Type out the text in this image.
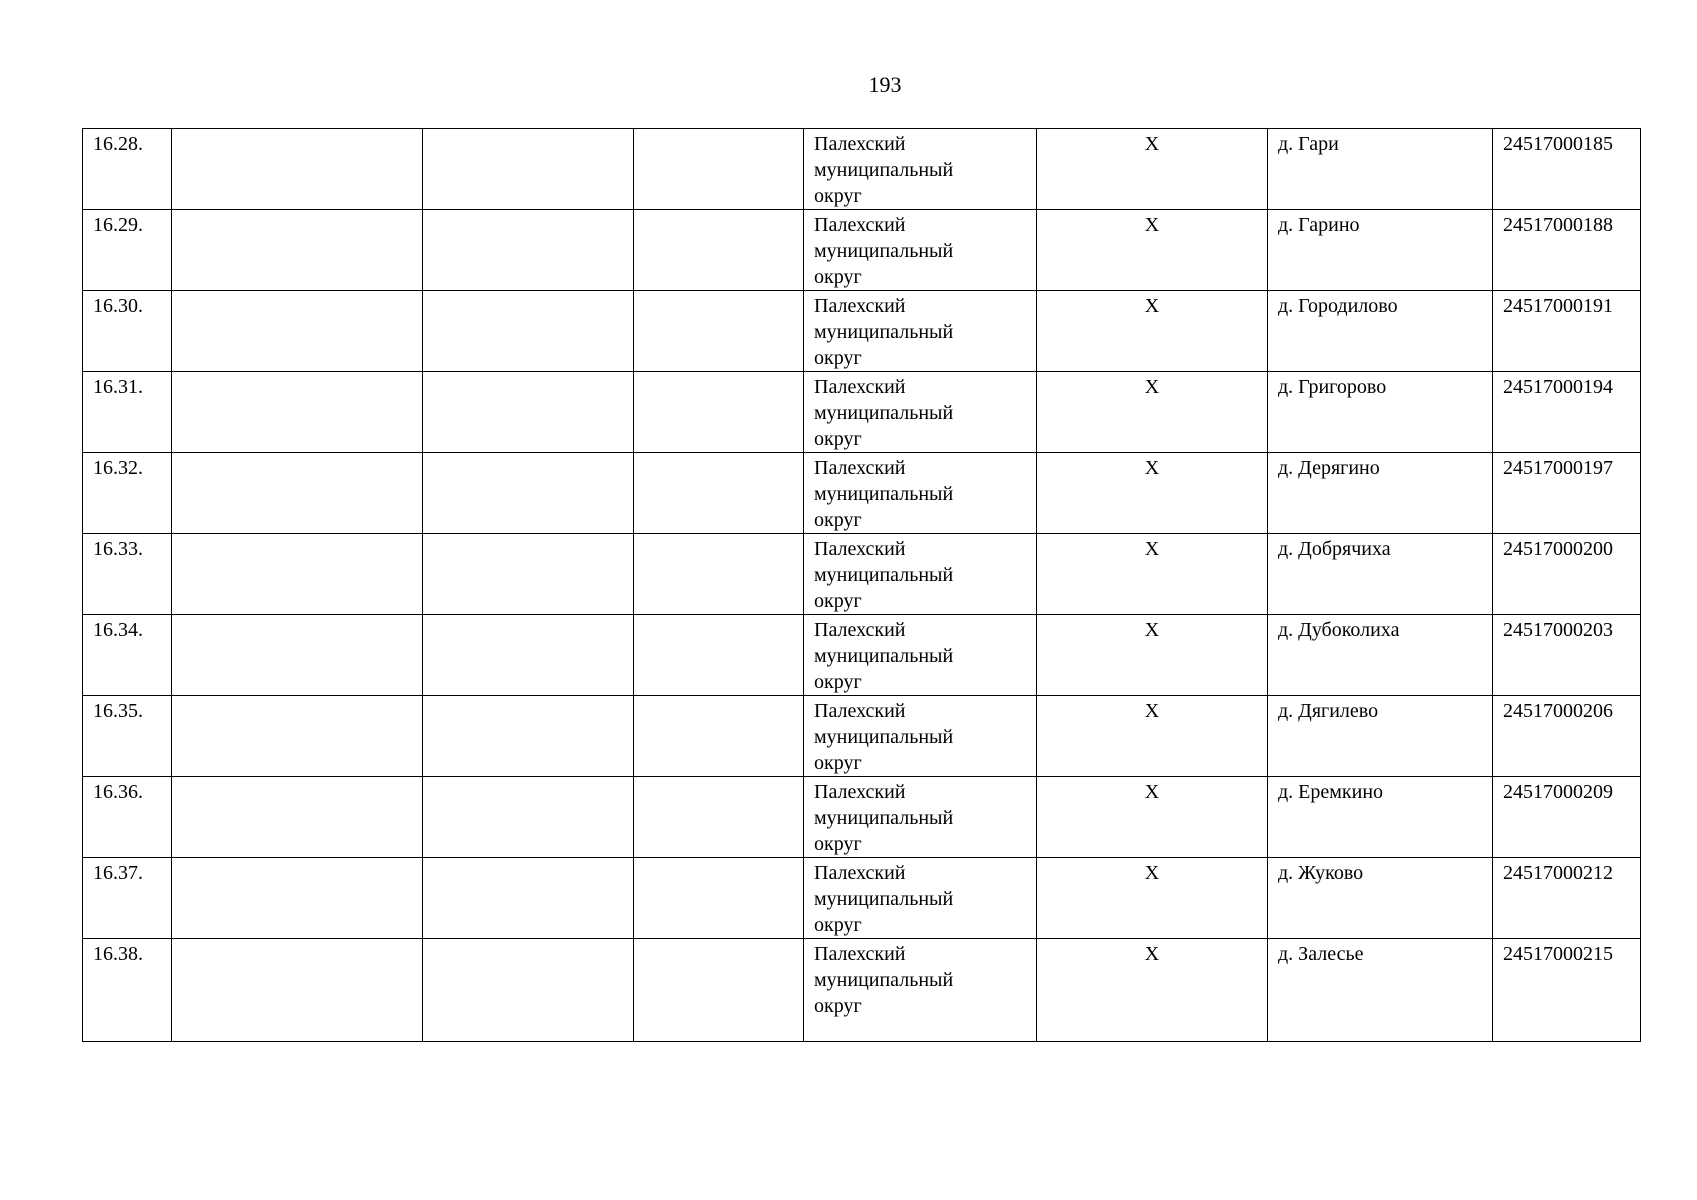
193
16.28.				Палехский
муниципальный
округ	Х	д. Гари	24517000185
16.29.				Палехский
муниципальный
округ	Х	д. Гарино	24517000188
16.30.				Палехский
муниципальный
округ	Х	д. Городилово	24517000191
16.31.				Палехский
муниципальный
округ	Х	д. Григорово	24517000194
16.32.				Палехский
муниципальный
округ	Х	д. Дерягино	24517000197
16.33.				Палехский
муниципальный
округ	Х	д. Добрячиха	24517000200
16.34.				Палехский
муниципальный
округ	Х	д. Дубоколиха	24517000203
16.35.				Палехский
муниципальный
округ	Х	д. Дягилево	24517000206
16.36.				Палехский
муниципальный
округ	Х	д. Еремкино	24517000209
16.37.				Палехский
муниципальный
округ	Х	д. Жуково	24517000212
16.38.				Палехский
муниципальный
округ	Х	д. Залесье	24517000215
